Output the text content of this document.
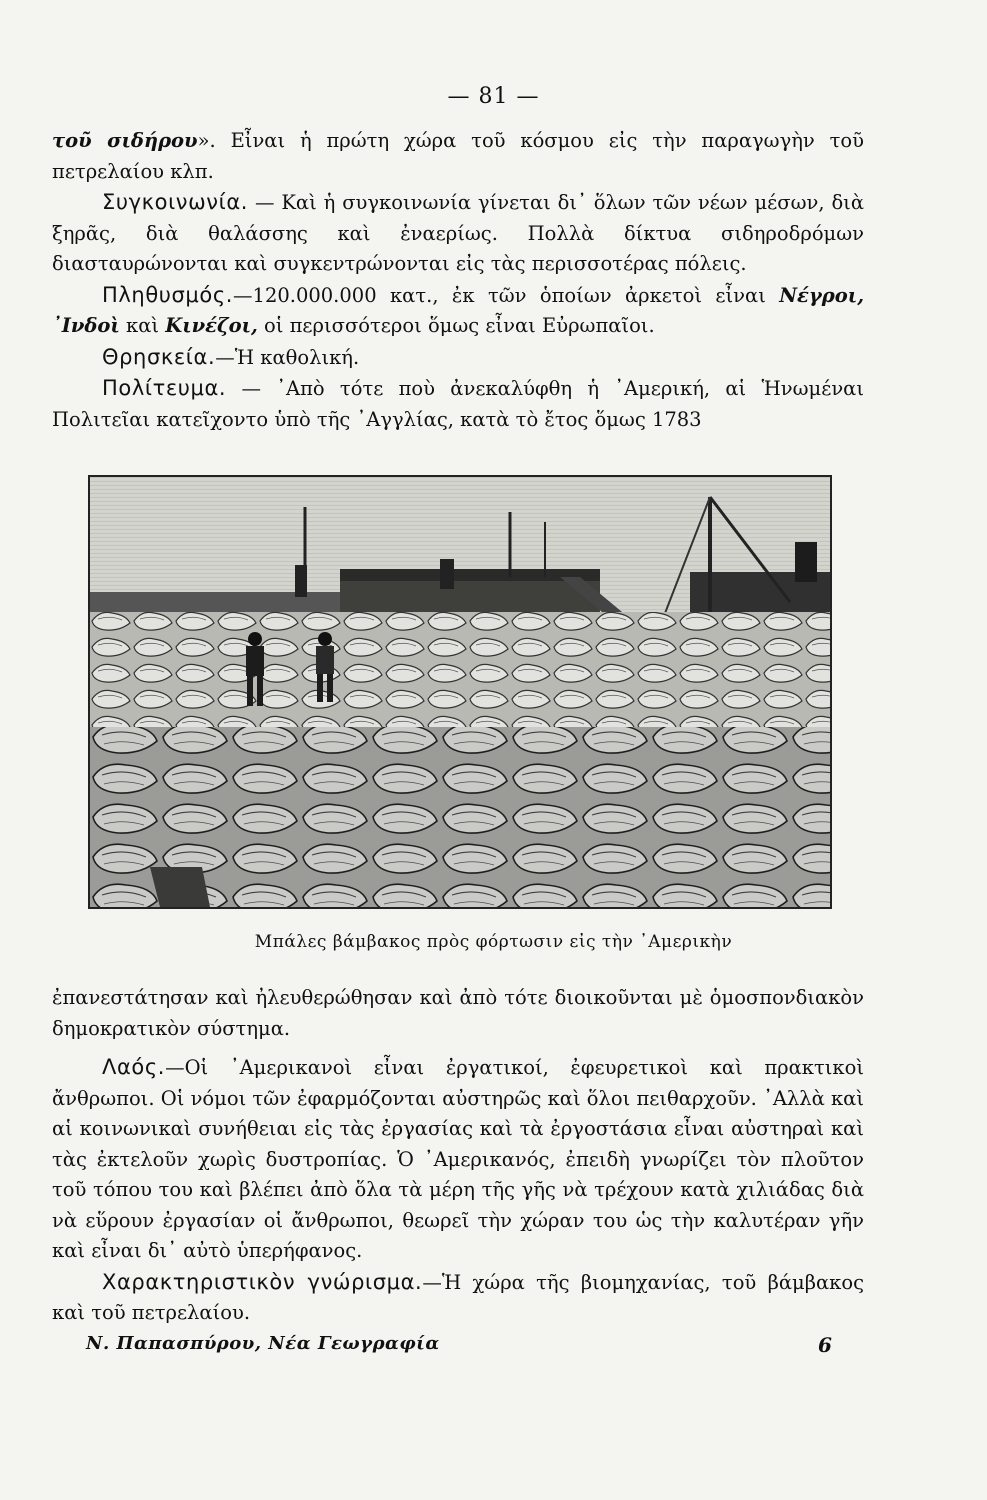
— 81 —

τοῦ σιδήρου». Εἶναι ἡ πρώτη χώρα τοῦ κόσμου εἰς τὴν παραγωγὴν τοῦ πετρελαίου κλπ.

Συγκοινωνία. — Καὶ ἡ συγκοινωνία γίνεται δι᾽ ὅλων τῶν νέων μέσων, διὰ ξηρᾶς, διὰ θαλάσσης καὶ ἐναερίως. Πολλὰ δίκτυα σιδηροδρόμων διασταυρώνονται καὶ συγκεντρώνονται εἰς τὰς περισσοτέρας πόλεις.

Πληθυσμός.—120.000.000 κατ., ἐκ τῶν ὁποίων ἀρκετοὶ εἶναι Νέγροι, ᾿Ινδοὶ καὶ Κινέζοι, οἱ περισσότεροι ὅμως εἶναι Εὐρωπαῖοι.

Θρησκεία.—Ἡ καθολική.

Πολίτευμα. — ᾿Απὸ τότε ποὺ ἀνεκαλύφθη ἡ ᾿Αμερική, αἱ Ἡνωμέναι Πολιτεῖαι κατεῖχοντο ὑπὸ τῆς ᾿Αγγλίας, κατὰ τὸ ἔτος ὅμως 1783

Μπάλες βάμβακος πρὸς φόρτωσιν εἰς τὴν ᾿Αμερικὴν

ἐπανεστάτησαν καὶ ἠλευθερώθησαν καὶ ἀπὸ τότε διοικοῦνται μὲ ὁμοσπονδιακὸν δημοκρατικὸν σύστημα.

Λαός.—Οἱ ᾿Αμερικανοὶ εἶναι ἐργατικοί, ἐφευρετικοὶ καὶ πρακτικοὶ ἄνθρωποι. Οἱ νόμοι τῶν ἐφαρμόζονται αὐστηρῶς καὶ ὅλοι πειθαρχοῦν. ᾿Αλλὰ καὶ αἱ κοινωνικαὶ συνήθειαι εἰς τὰς ἐργασίας καὶ τὰ ἐργοστάσια εἶναι αὐστηραὶ καὶ τὰς ἐκτελοῦν χωρὶς δυστροπίας. Ὁ ᾿Αμερικανός, ἐπειδὴ γνωρίζει τὸν πλοῦτον τοῦ τόπου του καὶ βλέπει ἀπὸ ὅλα τὰ μέρη τῆς γῆς νὰ τρέχουν κατὰ χιλιάδας διὰ νὰ εὕρουν ἐργασίαν οἱ ἄνθρωποι, θεωρεῖ τὴν χώραν του ὡς τὴν καλυτέραν γῆν καὶ εἶναι δι᾽ αὐτὸ ὑπερήφανος.

Χαρακτηριστικὸν γνώρισμα.—Ἡ χώρα τῆς βιομηχανίας, τοῦ βάμβακος καὶ τοῦ πετρελαίου.

Ν. Παπασπύρου, Νέα Γεωγραφία	6
